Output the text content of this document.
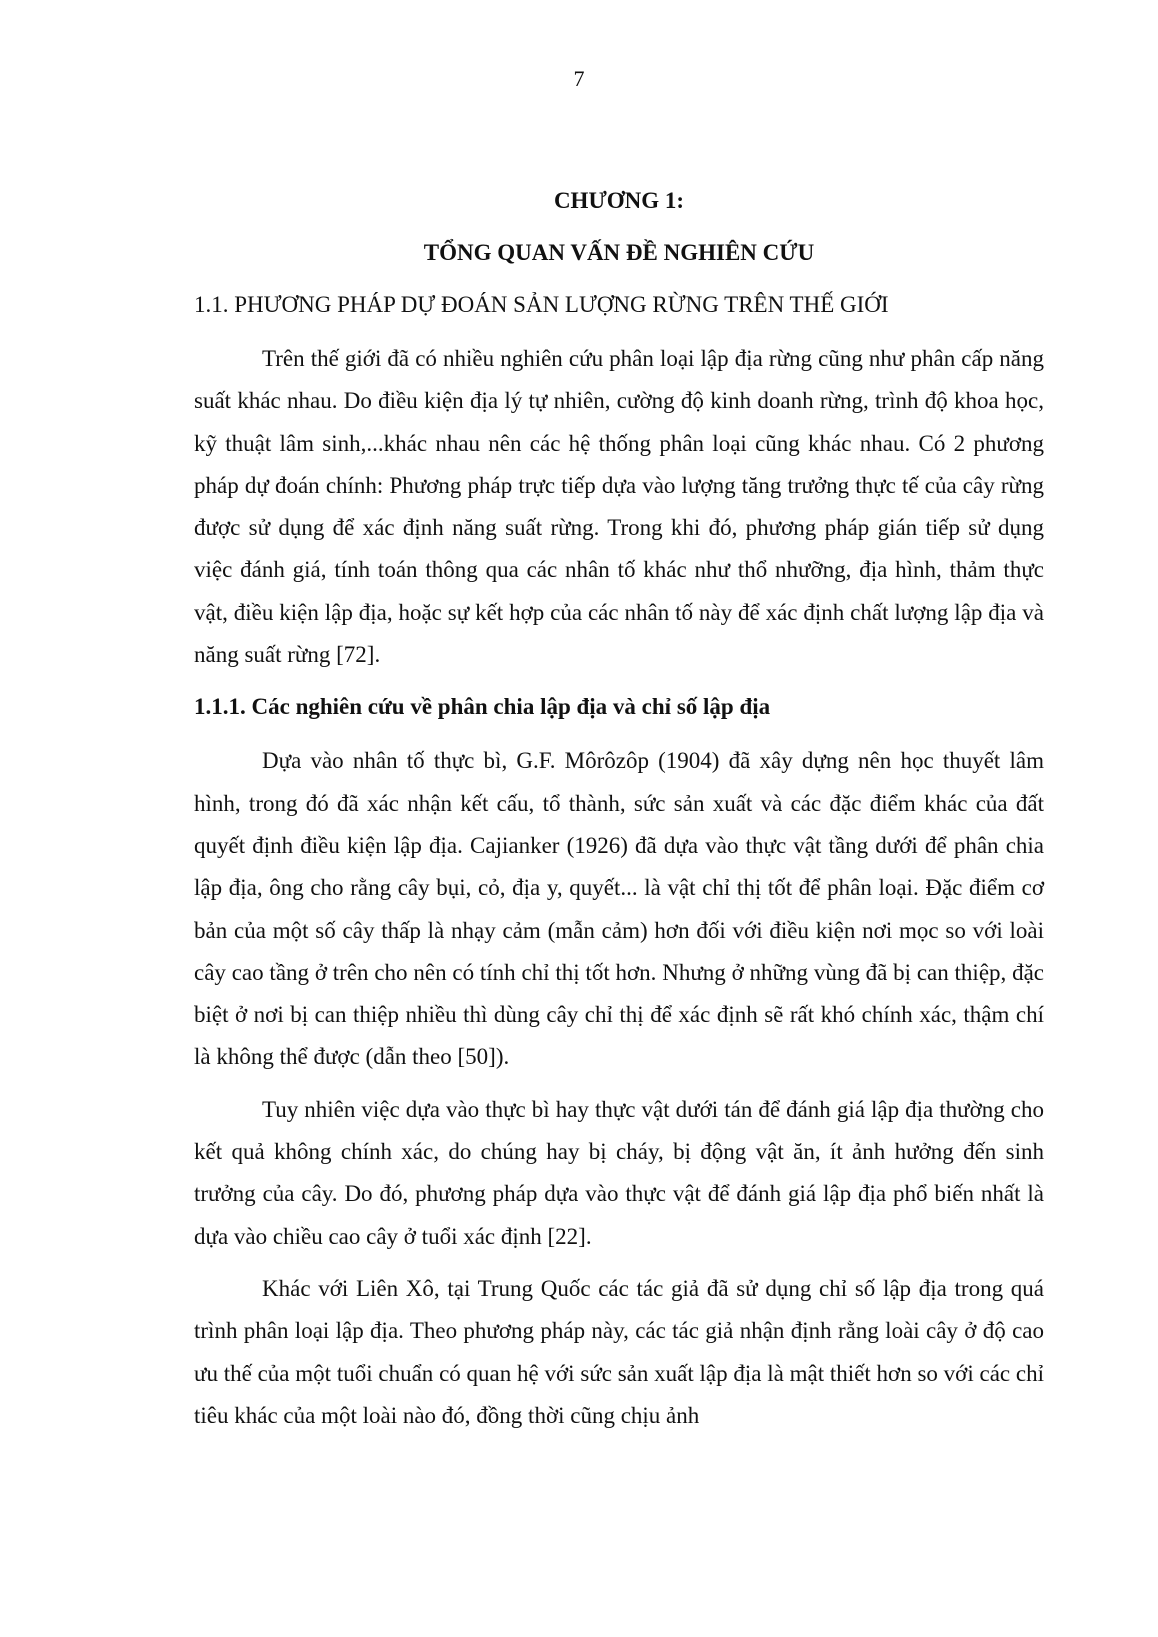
7
CHƯƠNG 1:
TỔNG QUAN VẤN ĐỀ NGHIÊN CỨU
1.1. PHƯƠNG PHÁP DỰ ĐOÁN SẢN LƯỢNG RỪNG TRÊN THẾ GIỚI

Trên thế giới đã có nhiều nghiên cứu phân loại lập địa rừng cũng như phân cấp năng suất khác nhau. Do điều kiện địa lý tự nhiên, cường độ kinh doanh rừng, trình độ khoa học, kỹ thuật lâm sinh,...khác nhau nên các hệ thống phân loại cũng khác nhau. Có 2 phương pháp dự đoán chính: Phương pháp trực tiếp dựa vào lượng tăng trưởng thực tế của cây rừng được sử dụng để xác định năng suất rừng. Trong khi đó, phương pháp gián tiếp sử dụng việc đánh giá, tính toán thông qua các nhân tố khác như thổ nhưỡng, địa hình, thảm thực vật, điều kiện lập địa, hoặc sự kết hợp của các nhân tố này để xác định chất lượng lập địa và năng suất rừng [72].

1.1.1. Các nghiên cứu về phân chia lập địa và chỉ số lập địa

Dựa vào nhân tố thực bì, G.F. Môrôzôp (1904) đã xây dựng nên học thuyết lâm hình, trong đó đã xác nhận kết cấu, tổ thành, sức sản xuất và các đặc điểm khác của đất quyết định điều kiện lập địa. Cajianker (1926) đã dựa vào thực vật tầng dưới để phân chia lập địa, ông cho rằng cây bụi, cỏ, địa y, quyết... là vật chỉ thị tốt để phân loại. Đặc điểm cơ bản của một số cây thấp là nhạy cảm (mẫn cảm) hơn đối với điều kiện nơi mọc so với loài cây cao tầng ở trên cho nên có tính chỉ thị tốt hơn. Nhưng ở những vùng đã bị can thiệp, đặc biệt ở nơi bị can thiệp nhiều thì dùng cây chỉ thị để xác định sẽ rất khó chính xác, thậm chí là không thể được (dẫn theo [50]).

Tuy nhiên việc dựa vào thực bì hay thực vật dưới tán để đánh giá lập địa thường cho kết quả không chính xác, do chúng hay bị cháy, bị động vật ăn, ít ảnh hưởng đến sinh trưởng của cây. Do đó, phương pháp dựa vào thực vật để đánh giá lập địa phổ biến nhất là dựa vào chiều cao cây ở tuổi xác định [22].

Khác với Liên Xô, tại Trung Quốc các tác giả đã sử dụng chỉ số lập địa trong quá trình phân loại lập địa. Theo phương pháp này, các tác giả nhận định rằng loài cây ở độ cao ưu thế của một tuổi chuẩn có quan hệ với sức sản xuất lập địa là mật thiết hơn so với các chỉ tiêu khác của một loài nào đó, đồng thời cũng chịu ảnh
